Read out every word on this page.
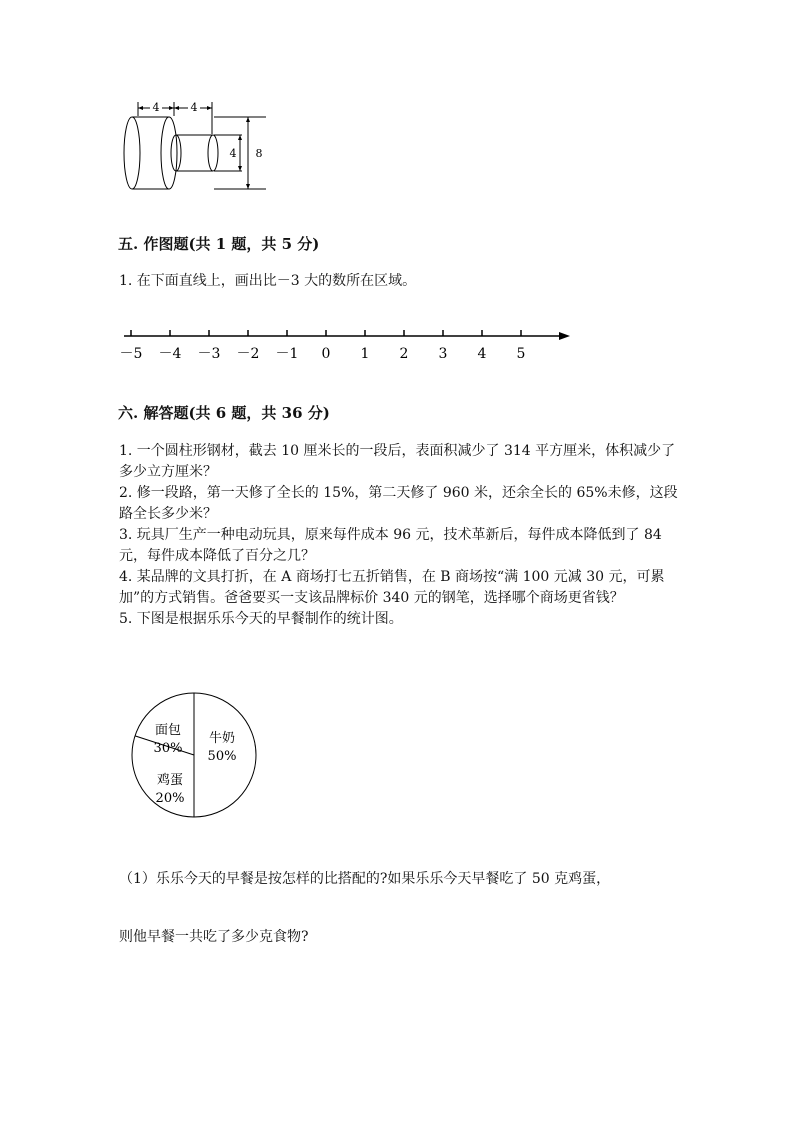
4	4
4 8
五. 作图题(共 1 题，共 5 分)
1. 在下面直线上，画出比－3 大的数所在区域。
－5 －4 －3 －2 －1 0 1 2 3 4 5
六. 解答题(共 6 题，共 36 分)

1. 一个圆柱形钢材，截去 10 厘米长的一段后，表面积减少了 314 平方厘米，体积减少了多少立方厘米？

2. 修一段路，第一天修了全长的 15%，第二天修了 960 米，还余全长的 65%未修，这段路全长多少米？

3. 玩具厂生产一种电动玩具，原来每件成本 96 元，技术革新后，每件成本降低到了 84 元，每件成本降低了百分之几？

4. 某品牌的文具打折，在 A 商场打七五折销售，在 B 商场按“满 100 元减 30 元，可累加”的方式销售。爸爸要买一支该品牌标价 340 元的钢笔，选择哪个商场更省钱？

5. 下图是根据乐乐今天的早餐制作的统计图。

牛奶
50%
面包
30%
鸡蛋
20%
（1）乐乐今天的早餐是按怎样的比搭配的?如果乐乐今天早餐吃了 50 克鸡蛋，
则他早餐一共吃了多少克食物?
